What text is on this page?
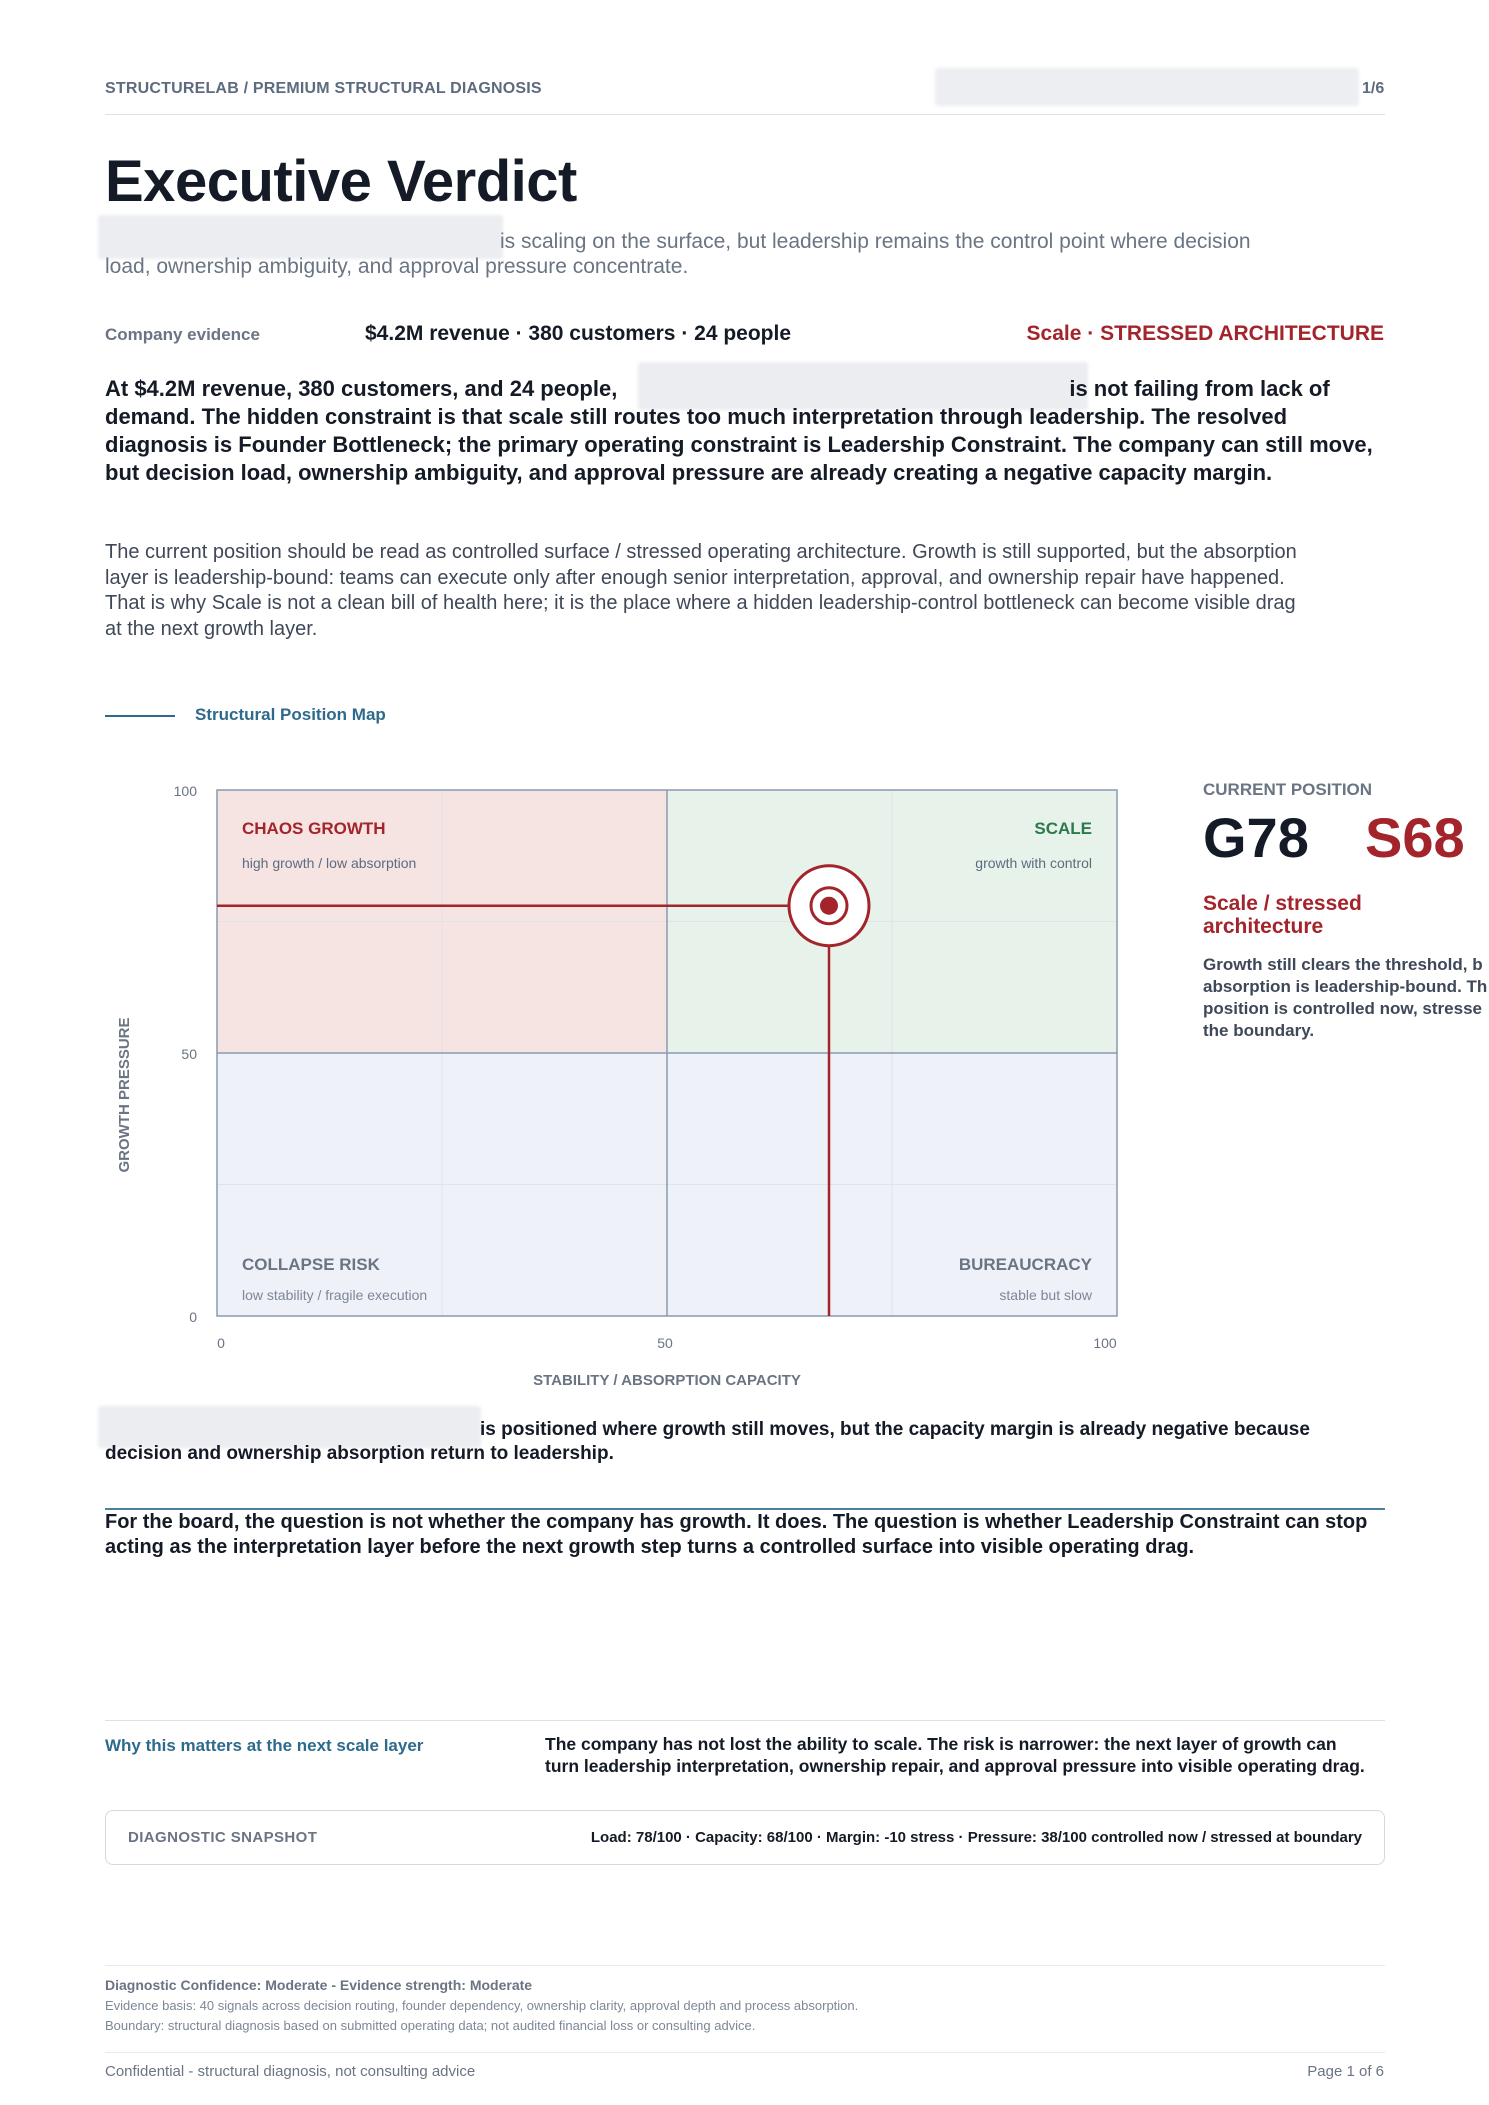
STRUCTURELAB / PREMIUM STRUCTURAL DIAGNOSIS	1/6
Executive Verdict
is scaling on the surface, but leadership remains the control point where decision load, ownership ambiguity, and approval pressure concentrate.
Company evidence	$4.2M revenue · 380 customers · 24 people	Scale · STRESSED ARCHITECTURE
At $4.2M revenue, 380 customers, and 24 people,	is not failing from lack of demand. The hidden constraint is that scale still routes too much interpretation through leadership. The resolved diagnosis is Founder Bottleneck; the primary operating constraint is Leadership Constraint. The company can still move, but decision load, ownership ambiguity, and approval pressure are already creating a negative capacity margin.
The current position should be read as controlled surface / stressed operating architecture. Growth is still supported, but the absorption layer is leadership-bound: teams can execute only after enough senior interpretation, approval, and ownership repair have happened. That is why Scale is not a clean bill of health here; it is the place where a hidden leadership-control bottleneck can become visible drag at the next growth layer.
Structural Position Map
CHAOS GROWTH
high growth / low absorption
SCALE
growth with control
COLLAPSE RISK
low stability / fragile execution
BUREAUCRACY
stable but slow
0
50
100
0	50	100
STABILITY / ABSORPTION CAPACITY
GROWTH PRESSURE
CURRENT POSITION
G78 S68
Scale / stressed architecture
Growth still clears the threshold, b
absorption is leadership-bound. Th
position is controlled now, stresse
the boundary.
is positioned where growth still moves, but the capacity margin is already negative because decision and ownership absorption return to leadership.
For the board, the question is not whether the company has growth. It does. The question is whether Leadership Constraint can stop acting as the interpretation layer before the next growth step turns a controlled surface into visible operating drag.
Why this matters at the next scale layer	The company has not lost the ability to scale. The risk is narrower: the next layer of growth can turn leadership interpretation, ownership repair, and approval pressure into visible operating drag.
DIAGNOSTIC SNAPSHOT	Load: 78/100 · Capacity: 68/100 · Margin: -10 stress · Pressure: 38/100 controlled now / stressed at boundary
Diagnostic Confidence: Moderate - Evidence strength: Moderate
Evidence basis: 40 signals across decision routing, founder dependency, ownership clarity, approval depth and process absorption.
Boundary: structural diagnosis based on submitted operating data; not audited financial loss or consulting advice.
Confidential - structural diagnosis, not consulting advice	Page 1 of 6
